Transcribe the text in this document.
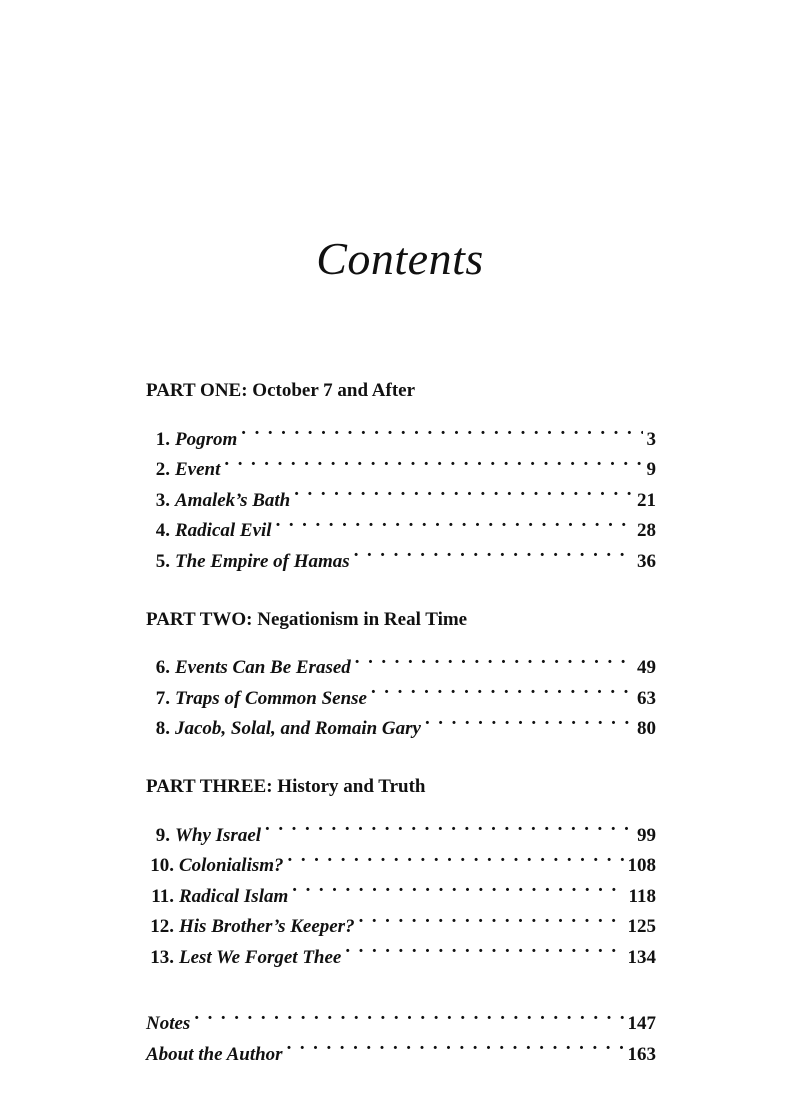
Contents
PART ONE: October 7 and After
1. Pogrom . . .	3
2. Event . . .	9
3. Amalek’s Bath . . .	21
4. Radical Evil . . .	28
5. The Empire of Hamas . . .	36
PART TWO: Negationism in Real Time
6. Events Can Be Erased . . .	49
7. Traps of Common Sense . . .	63
8. Jacob, Solal, and Romain Gary . . .	80
PART THREE: History and Truth
9. Why Israel . . .	99
10. Colonialism? . . .	108
11. Radical Islam . . .	118
12. His Brother’s Keeper? . . .	125
13. Lest We Forget Thee . . .	134
Notes . . .	147
About the Author . . .	163
